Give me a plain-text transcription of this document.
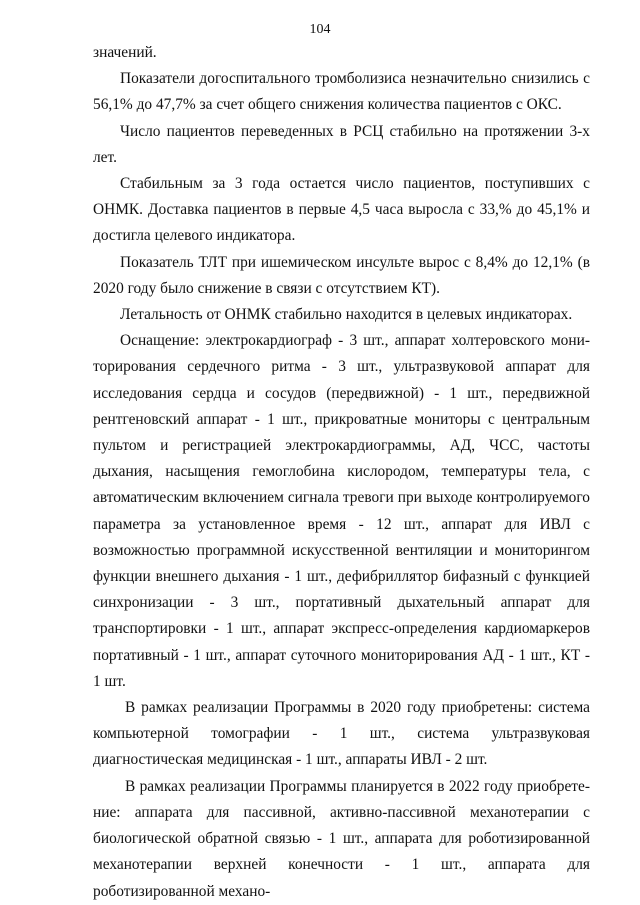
104

значений.

Показатели догоспитального тромболизиса незначительно снизились с 56,1% до 47,7% за счет общего снижения количества пациентов с ОКС.

Число пациентов переведенных в РСЦ стабильно на протяжении 3-х лет.

Стабильным за 3 года остается число пациентов, поступивших с ОНМК. Доставка пациентов в первые 4,5 часа выросла с 33,% до 45,1% и достигла целевого индикатора.

Показатель ТЛТ при ишемическом инсульте вырос с 8,4% до 12,1% (в 2020 году было снижение в связи с отсутствием КТ).

Летальность от ОНМК стабильно находится в целевых индикаторах.

Оснащение: электрокардиограф - 3 шт., аппарат холтеровского мониторирования сердечного ритма - 3 шт., ультразвуковой аппарат для исследования сердца и сосудов (передвижной) - 1 шт., передвижной рентгеновский аппарат - 1 шт., прикроватные мониторы с центральным пультом и регистрацией электрокардиограммы, АД, ЧСС, частоты дыхания, насыщения гемоглобина кислородом, температуры тела, с автоматическим включением сигнала тревоги при выходе контролируемого параметра за установленное время - 12 шт., аппарат для ИВЛ с возможностью программной искусственной вентиляции и мониторингом функции внешнего дыхания - 1 шт., дефибриллятор бифазный с функцией синхронизации - 3 шт., портативный дыхательный аппарат для транспортировки - 1 шт., аппарат экспресс-определения кардиомаркеров портативный - 1 шт., аппарат суточного мониторирования АД - 1 шт., КТ - 1 шт.

В рамках реализации Программы в 2020 году приобретены: система компьютерной томографии - 1 шт., система ультразвуковая диагностическая медицинская - 1 шт., аппараты ИВЛ - 2 шт.

В рамках реализации Программы планируется в 2022 году приобретение: аппарата для пассивной, активно-пассивной механотерапии с биологической обратной связью - 1 шт., аппарата для роботизированной механотерапии верхней конечности - 1 шт., аппарата для роботизированной механо-
